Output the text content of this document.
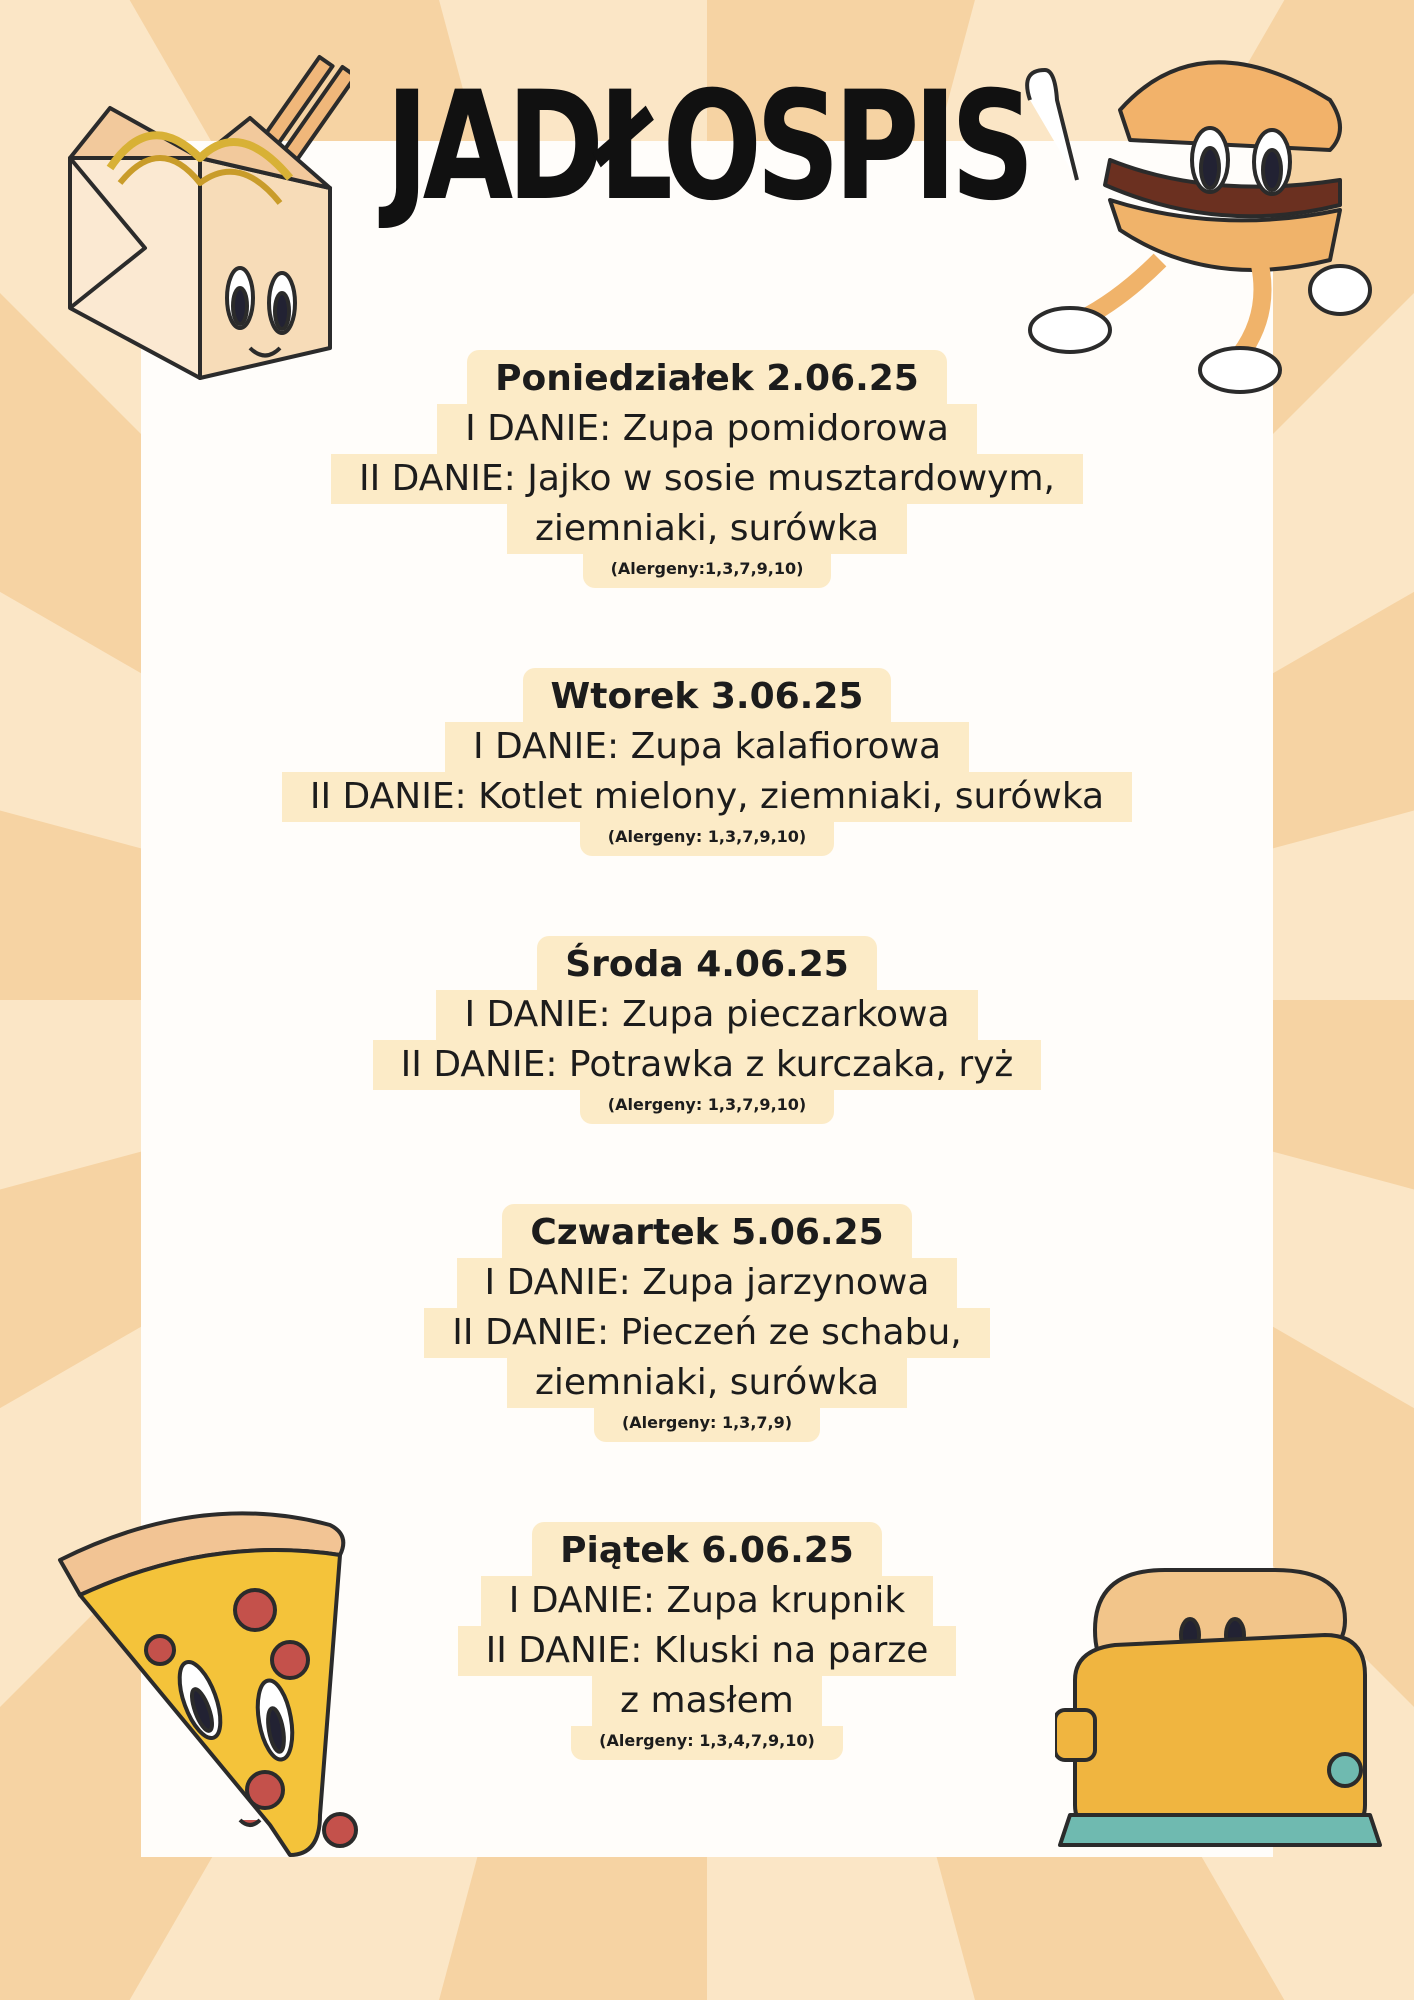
JADŁOSPIS
Poniedziałek 2.06.25
I DANIE: Zupa pomidorowa
II DANIE: Jajko w sosie musztardowym,
ziemniaki, surówka
(Alergeny:1,3,7,9,10)
Wtorek 3.06.25
I DANIE: Zupa kalafiorowa
II DANIE: Kotlet mielony, ziemniaki, surówka
(Alergeny: 1,3,7,9,10)
Środa 4.06.25
I DANIE: Zupa pieczarkowa
II DANIE: Potrawka z kurczaka, ryż
(Alergeny: 1,3,7,9,10)
Czwartek 5.06.25
I DANIE: Zupa jarzynowa
II DANIE: Pieczeń ze schabu,
ziemniaki, surówka
(Alergeny: 1,3,7,9)
Piątek 6.06.25
I DANIE: Zupa krupnik
II DANIE: Kluski na parze
z masłem
(Alergeny: 1,3,4,7,9,10)
